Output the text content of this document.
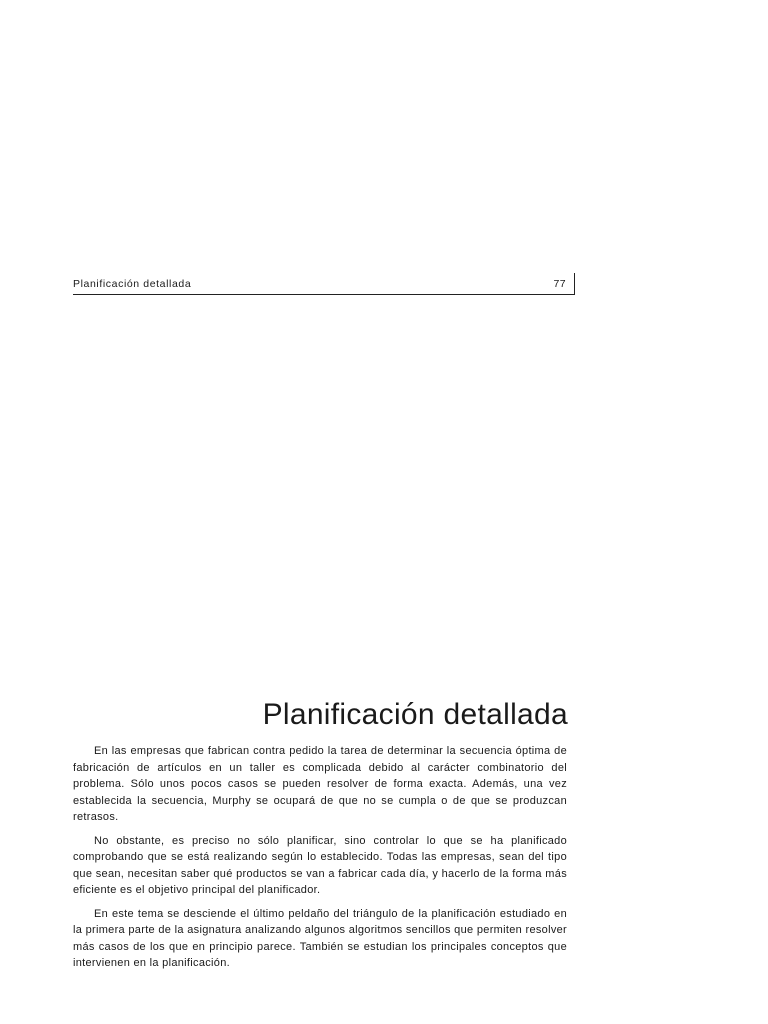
Planificación detallada	77
Planificación detallada

En las empresas que fabrican contra pedido la tarea de determinar la secuencia óptima de fabricación de artículos en un taller es complicada debido al carácter combinatorio del problema. Sólo unos pocos casos se pueden resolver de forma exacta. Además, una vez establecida la secuencia, Murphy se ocupará de que no se cumpla o de que se produzcan retrasos.

No obstante, es preciso no sólo planificar, sino controlar lo que se ha planificado comprobando que se está realizando según lo establecido. Todas las empresas, sean del tipo que sean, necesitan saber qué productos se van a fabricar cada día, y hacerlo de la forma más eficiente es el objetivo principal del planificador.

En este tema se desciende el último peldaño del triángulo de la planificación estudiado en la primera parte de la asignatura analizando algunos algoritmos sencillos que permiten resolver más casos de los que en principio parece. También se estudian los principales conceptos que intervienen en la planificación.
